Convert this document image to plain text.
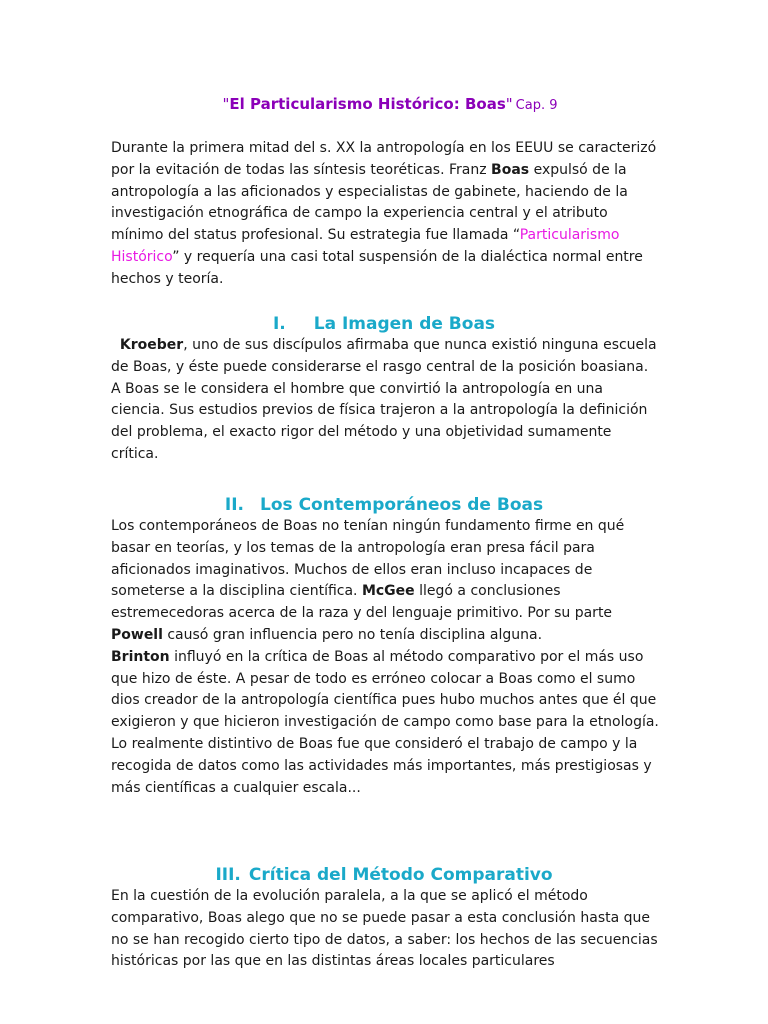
"El Particularismo Histórico: Boas" Cap. 9

Durante la primera mitad del s. XX la antropología en los EEUU se caracterizó por la evitación de todas las síntesis teoréticas. Franz Boas expulsó de la antropología a las aficionados y especialistas de gabinete, haciendo de la investigación etnográfica de campo la experiencia central y el atributo mínimo del status profesional. Su estrategia fue llamada “Particularismo Histórico” y requería una casi total suspensión de la dialéctica normal entre hechos y teoría.

I. La Imagen de Boas

Kroeber, uno de sus discípulos afirmaba que nunca existió ninguna escuela de Boas, y éste puede considerarse el rasgo central de la posición boasiana. A Boas se le considera el hombre que convirtió la antropología en una ciencia. Sus estudios previos de física trajeron a la antropología la definición del problema, el exacto rigor del método y una objetividad sumamente crítica.

II. Los Contemporáneos de Boas

Los contemporáneos de Boas no tenían ningún fundamento firme en qué basar en teorías, y los temas de la antropología eran presa fácil para aficionados imaginativos. Muchos de ellos eran incluso incapaces de someterse a la disciplina científica. McGee llegó a conclusiones estremecedoras acerca de la raza y del lenguaje primitivo. Por su parte Powell causó gran influencia pero no tenía disciplina alguna.
Brinton influyó en la crítica de Boas al método comparativo por el más uso que hizo de éste. A pesar de todo es erróneo colocar a Boas como el sumo dios creador de la antropología científica pues hubo muchos antes que él que exigieron y que hicieron investigación de campo como base para la etnología. Lo realmente distintivo de Boas fue que consideró el trabajo de campo y la recogida de datos como las actividades más importantes, más prestigiosas y más científicas a cualquier escala...

III. Crítica del Método Comparativo

En la cuestión de la evolución paralela, a la que se aplicó el método comparativo, Boas alego que no se puede pasar a esta conclusión hasta que no se han recogido cierto tipo de datos, a saber: los hechos de las secuencias históricas por las que en las distintas áreas locales particulares
